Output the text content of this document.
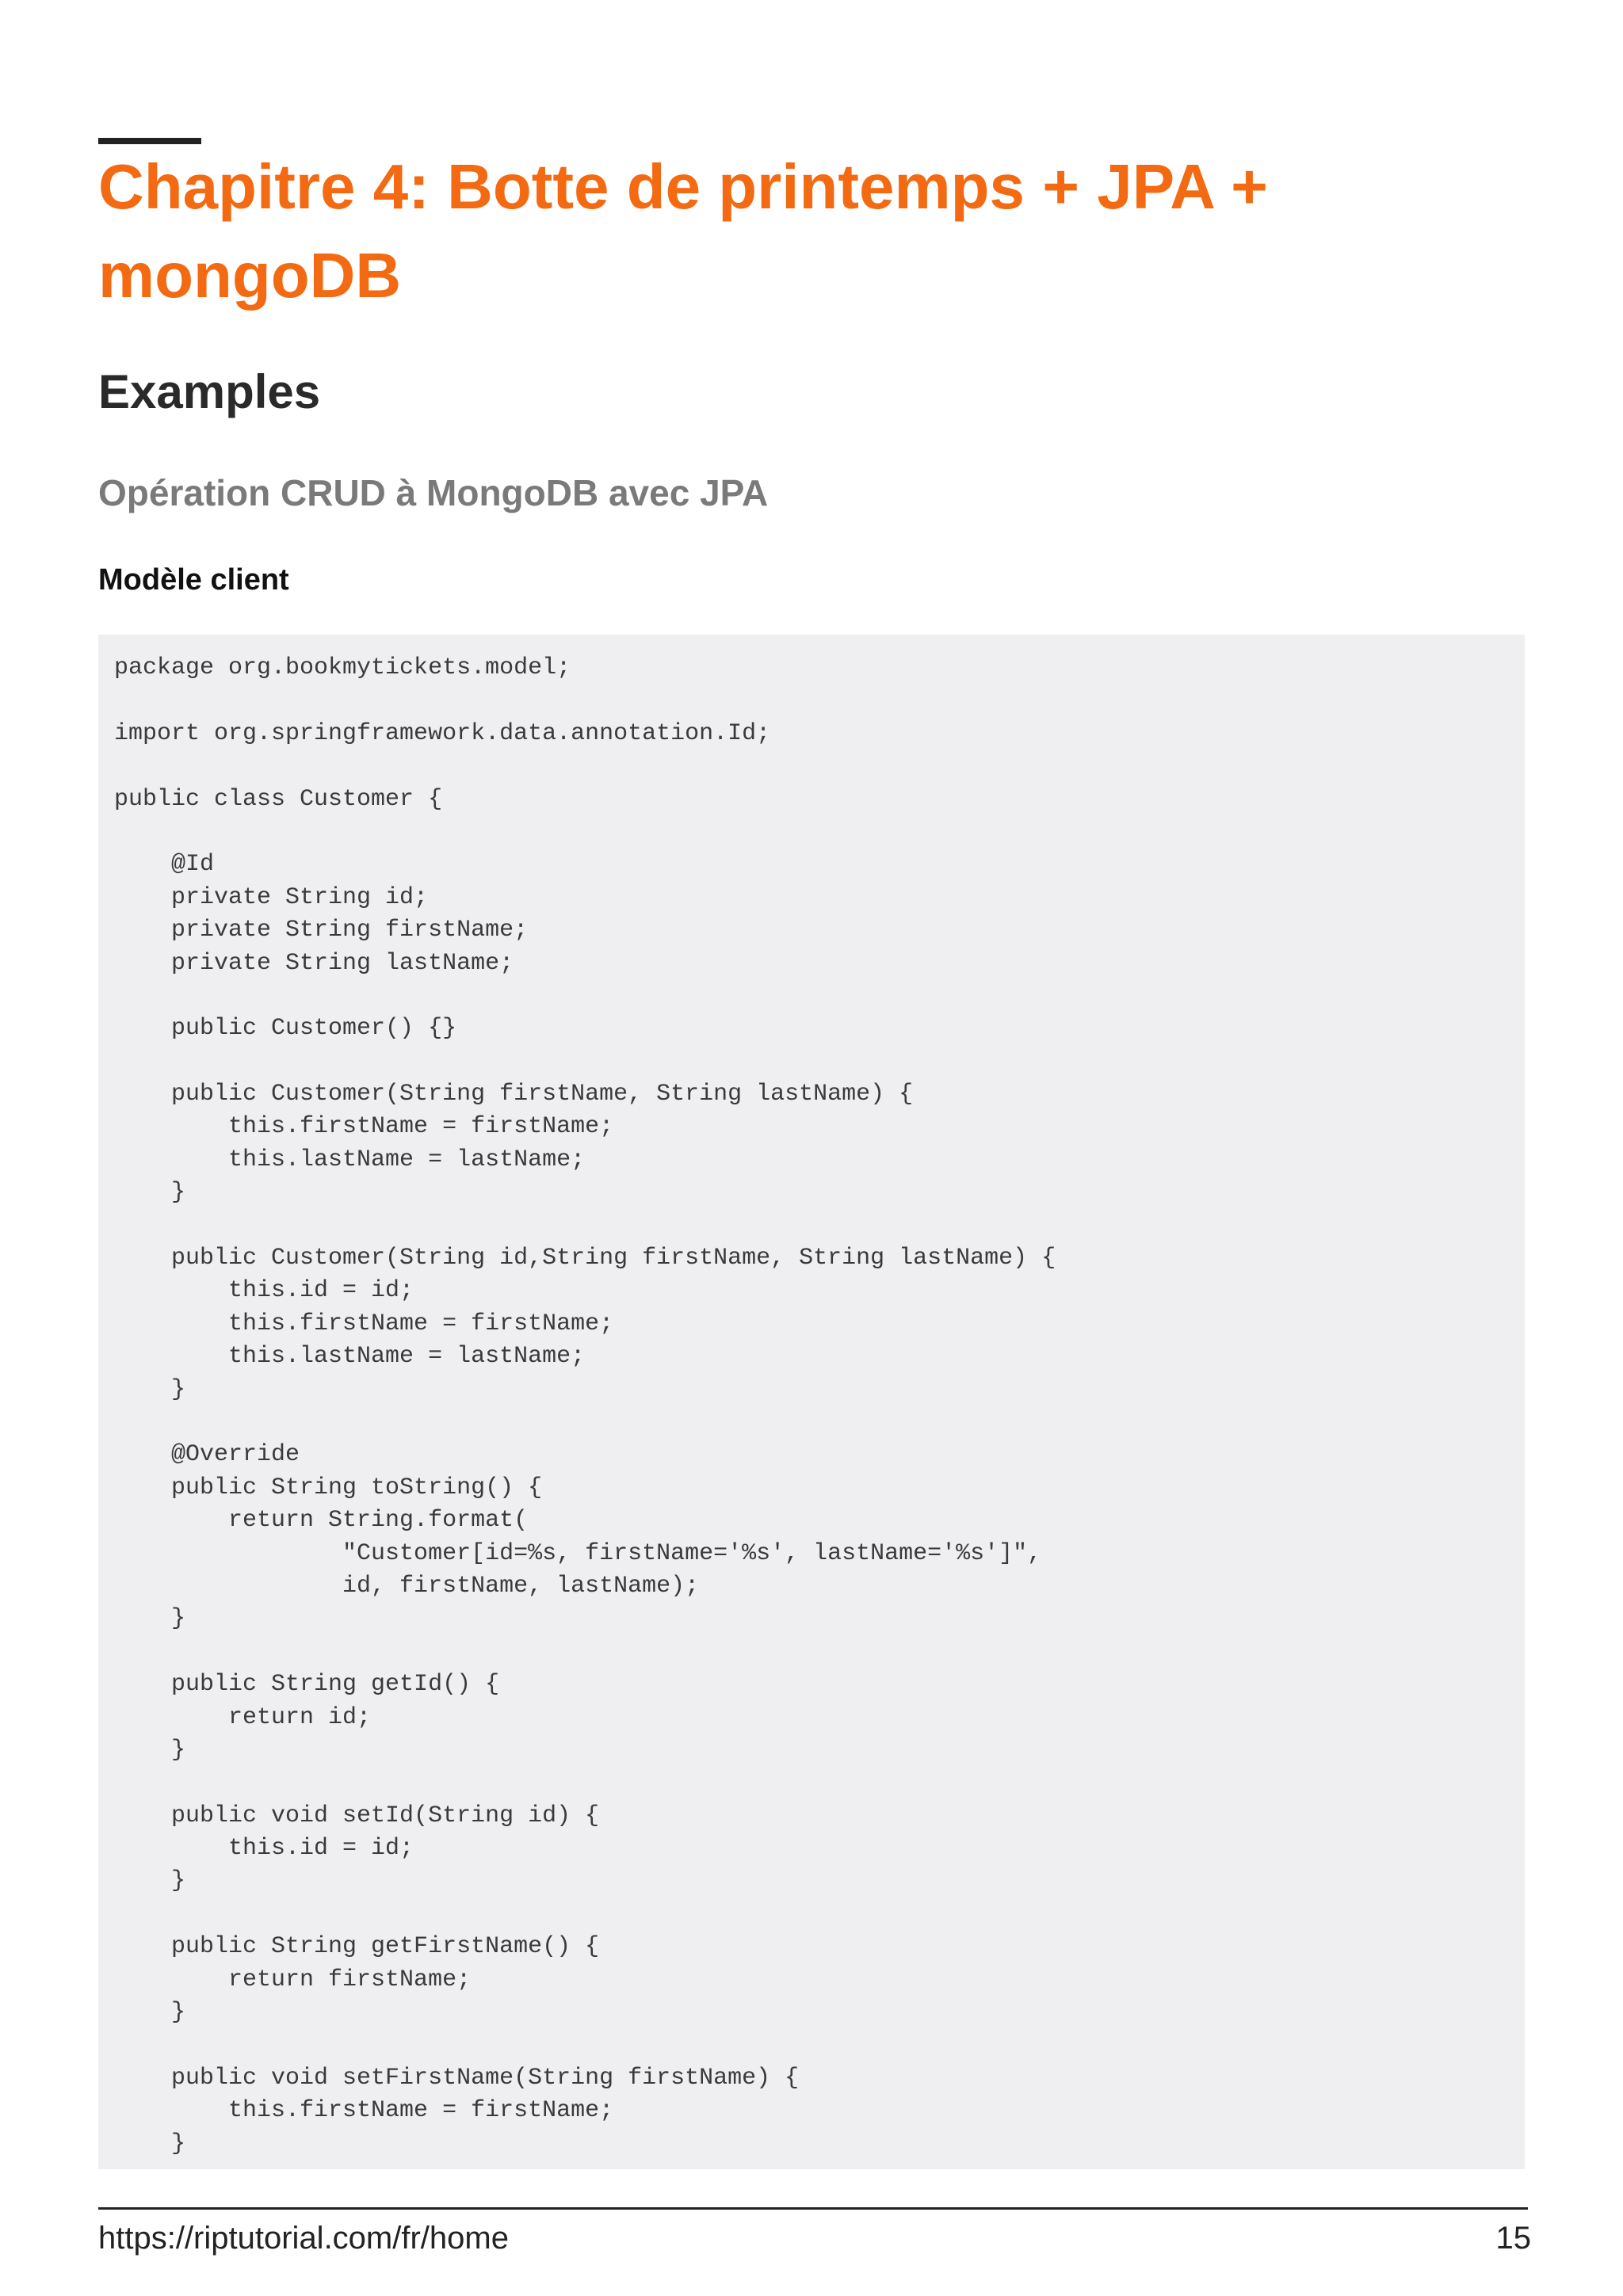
Chapitre 4: Botte de printemps + JPA + mongoDB
Examples
Opération CRUD à MongoDB avec JPA
Modèle client
package org.bookmytickets.model;
import org.springframework.data.annotation.Id;
public class Customer {
@Id
private String id;
private String firstName;
private String lastName;
public Customer() {}
public Customer(String firstName, String lastName) {
this.firstName = firstName;
this.lastName = lastName;
}
public Customer(String id,String firstName, String lastName) {
this.id = id;
this.firstName = firstName;
this.lastName = lastName;
}
@Override
public String toString() {
return String.format(
"Customer[id=%s, firstName='%s', lastName='%s']",
id, firstName, lastName);
}
public String getId() {
return id;
}
public void setId(String id) {
this.id = id;
}
public String getFirstName() {
return firstName;
}
public void setFirstName(String firstName) {
this.firstName = firstName;
}
https://riptutorial.com/fr/home	15
